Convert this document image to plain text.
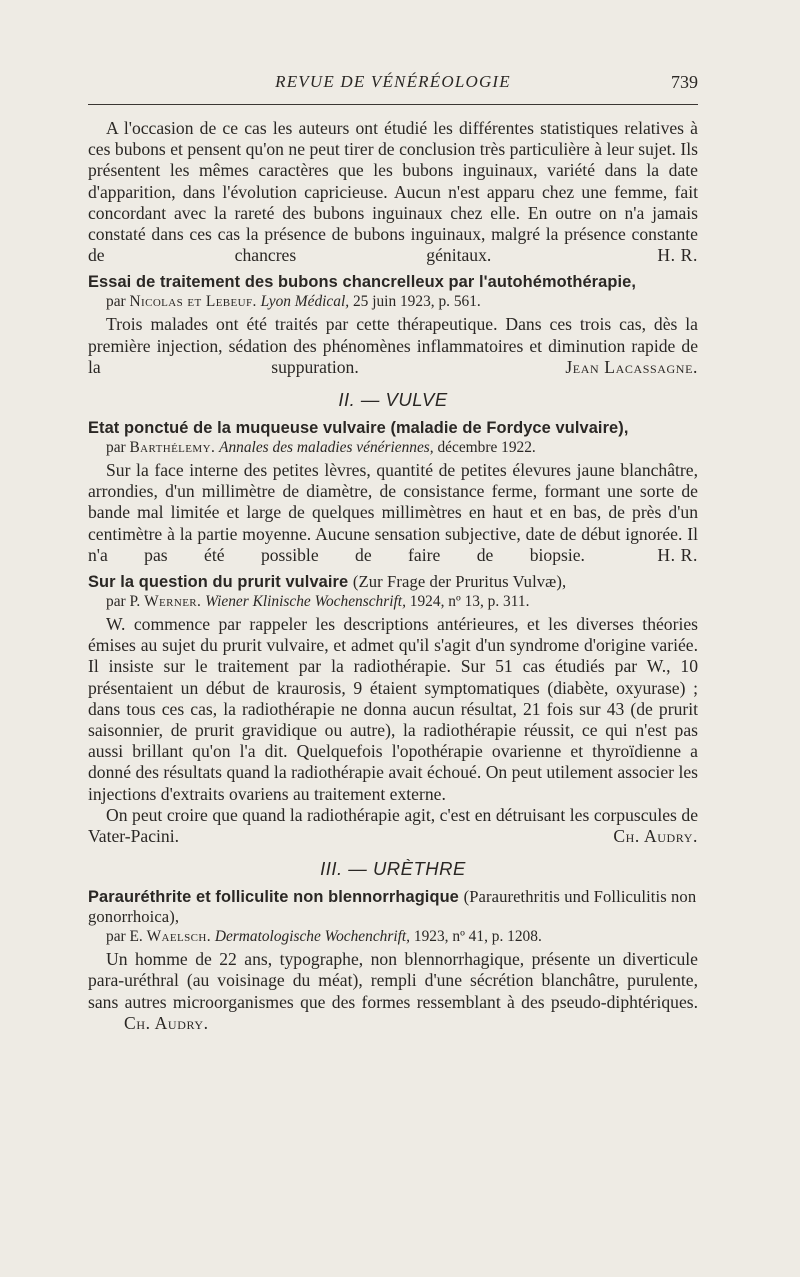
REVUE DE VÉNÉRÉOLOGIE	739

A l'occasion de ce cas les auteurs ont étudié les différentes statistiques relatives à ces bubons et pensent qu'on ne peut tirer de conclusion très particulière à leur sujet. Ils présentent les mêmes caractères que les bubons inguinaux, variété dans la date d'apparition, dans l'évolution capricieuse. Aucun n'est apparu chez une femme, fait concordant avec la rareté des bubons inguinaux chez elle. En outre on n'a jamais constaté dans ces cas la présence de bubons inguinaux, malgré la présence constante de chancres génitaux.	H. R.

Essai de traitement des bubons chancrelleux par l'autohémothérapie,

par Nicolas et Lebeuf. Lyon Médical, 25 juin 1923, p. 561.

Trois malades ont été traités par cette thérapeutique. Dans ces trois cas, dès la première injection, sédation des phénomènes inflammatoires et diminution rapide de la suppuration.	Jean Lacassagne.

II. — VULVE

Etat ponctué de la muqueuse vulvaire (maladie de Fordyce vulvaire),

par Barthélemy. Annales des maladies vénériennes, décembre 1922.

Sur la face interne des petites lèvres, quantité de petites élevures jaune blanchâtre, arrondies, d'un millimètre de diamètre, de consistance ferme, formant une sorte de bande mal limitée et large de quelques millimètres en haut et en bas, de près d'un centimètre à la partie moyenne. Aucune sensation subjective, date de début ignorée. Il n'a pas été possible de faire de biopsie.	H. R.

Sur la question du prurit vulvaire (Zur Frage der Pruritus Vulvæ),

par P. Werner. Wiener Klinische Wochenschrift, 1924, nº 13, p. 311.

W. commence par rappeler les descriptions antérieures, et les diverses théories émises au sujet du prurit vulvaire, et admet qu'il s'agit d'un syndrome d'origine variée. Il insiste sur le traitement par la radiothérapie. Sur 51 cas étudiés par W., 10 présentaient un début de kraurosis, 9 étaient symptomatiques (diabète, oxyurase) ; dans tous ces cas, la radiothérapie ne donna aucun résultat, 21 fois sur 43 (de prurit saisonnier, de prurit gravidique ou autre), la radiothérapie réussit, ce qui n'est pas aussi brillant qu'on l'a dit. Quelquefois l'opothérapie ovarienne et thyroïdienne a donné des résultats quand la radiothérapie avait échoué. On peut utilement associer les injections d'extraits ovariens au traitement externe.

On peut croire que quand la radiothérapie agit, c'est en détruisant les corpuscules de Vater-Pacini.	Ch. Audry.

III. — URÈTHRE

Parauréthrite et folliculite non blennorrhagique (Paraurethritis und Folliculitis non gonorrhoica),

par E. Waelsch. Dermatologische Wochenchrift, 1923, nº 41, p. 1208.

Un homme de 22 ans, typographe, non blennorrhagique, présente un diverticule para-uréthral (au voisinage du méat), rempli d'une sécrétion blanchâtre, purulente, sans autres microorganismes que des formes ressemblant à des pseudo-diphtériques. Ch. Audry.
